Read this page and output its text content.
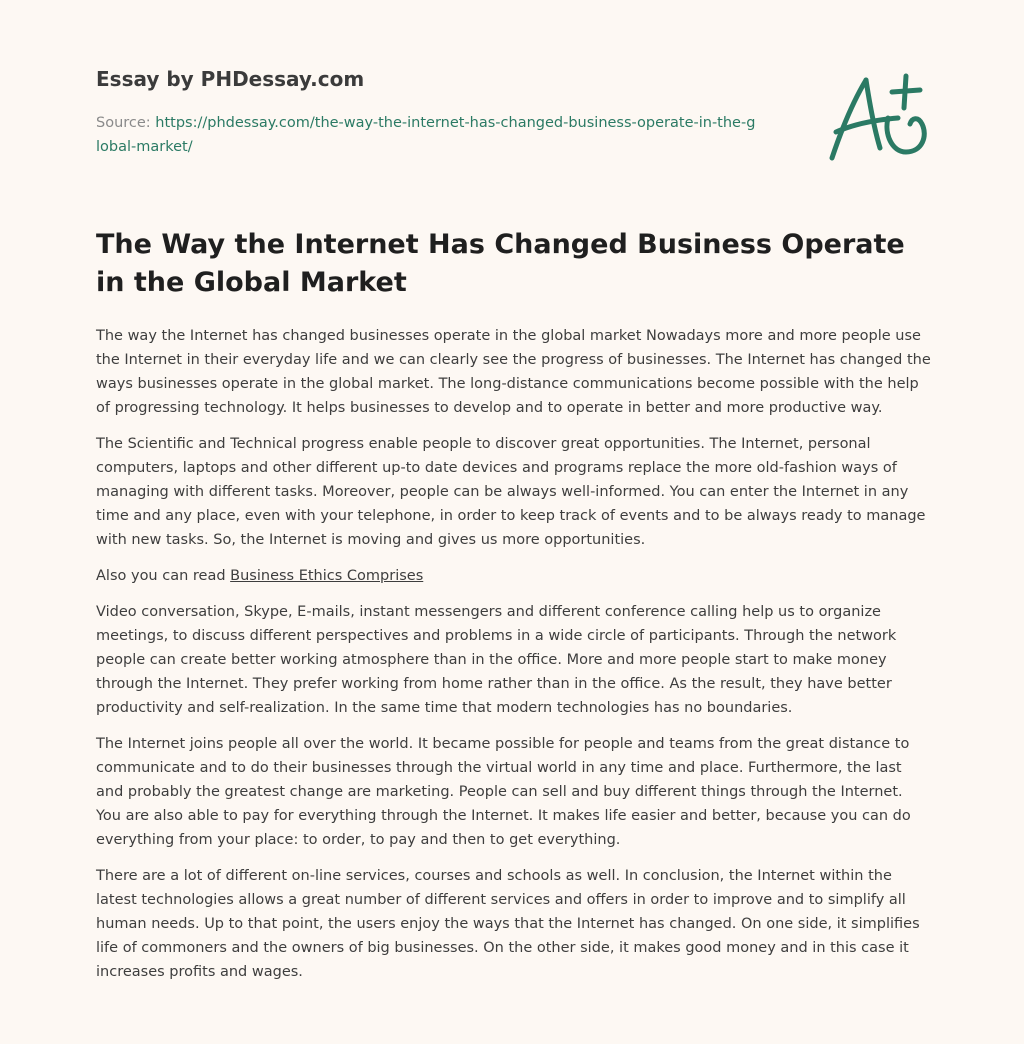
Essay by PHDessay.com
Source: https://phdessay.com/the-way-the-internet-has-changed-business-operate-in-the-global-market/
The Way the Internet Has Changed Business Operate in the Global Market

The way the Internet has changed businesses operate in the global market Nowadays more and more people use the Internet in their everyday life and we can clearly see the progress of businesses. The Internet has changed the ways businesses operate in the global market. The long-distance communications become possible with the help of progressing technology. It helps businesses to develop and to operate in better and more productive way.

The Scientific and Technical progress enable people to discover great opportunities. The Internet, personal computers, laptops and other different up-to date devices and programs replace the more old-fashion ways of managing with different tasks. Moreover, people can be always well-informed. You can enter the Internet in any time and any place, even with your telephone, in order to keep track of events and to be always ready to manage with new tasks. So, the Internet is moving and gives us more opportunities.

Also you can read Business Ethics Comprises

Video conversation, Skype, E-mails, instant messengers and different conference calling help us to organize meetings, to discuss different perspectives and problems in a wide circle of participants. Through the network people can create better working atmosphere than in the office. More and more people start to make money through the Internet. They prefer working from home rather than in the office. As the result, they have better productivity and self-realization. In the same time that modern technologies has no boundaries.

The Internet joins people all over the world. It became possible for people and teams from the great distance to communicate and to do their businesses through the virtual world in any time and place. Furthermore, the last and probably the greatest change are marketing. People can sell and buy different things through the Internet. You are also able to pay for everything through the Internet. It makes life easier and better, because you can do everything from your place: to order, to pay and then to get everything.

There are a lot of different on-line services, courses and schools as well. In conclusion, the Internet within the latest technologies allows a great number of different services and offers in order to improve and to simplify all human needs. Up to that point, the users enjoy the ways that the Internet has changed. On one side, it simplifies life of commoners and the owners of big businesses. On the other side, it makes good money and in this case it increases profits and wages.
